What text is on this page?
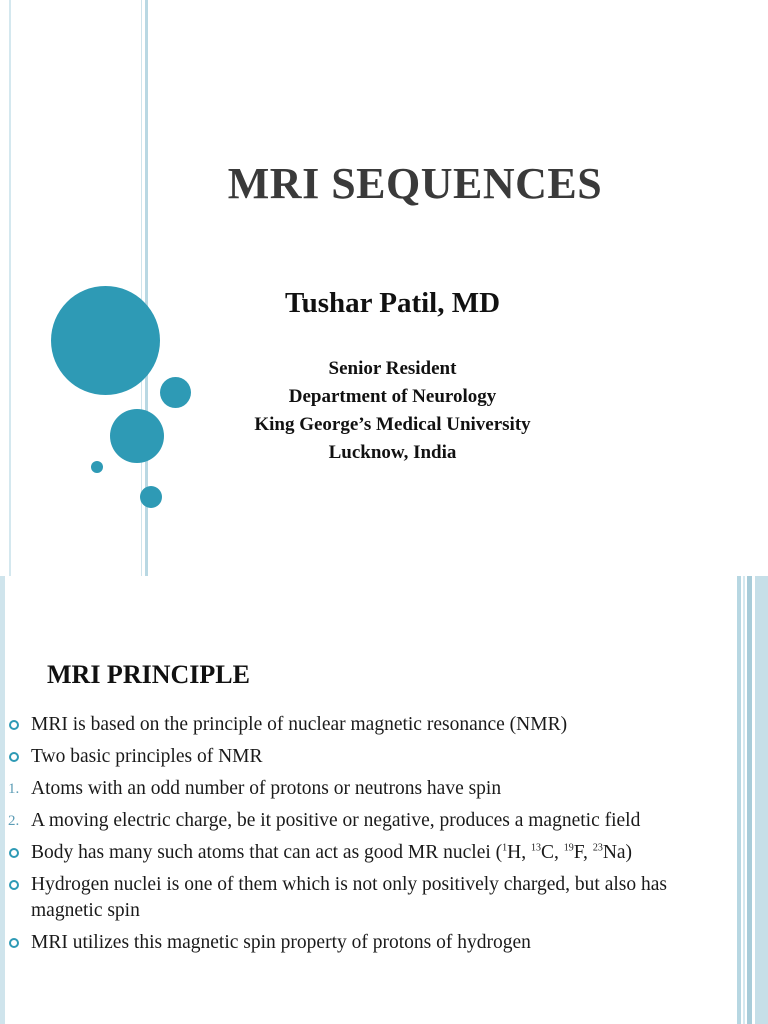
MRI SEQUENCES
Tushar Patil, MD
Senior Resident
Department of Neurology
King George’s Medical University
Lucknow, India
MRI PRINCIPLE
MRI is based on the principle of nuclear magnetic resonance (NMR)
Two basic principles of NMR
1. Atoms with an odd number of protons or neutrons have spin
2. A moving electric charge, be it positive or negative, produces a magnetic field
Body has many such atoms that can act as good MR nuclei ($^1$H, $^{13}$C, $^{19}$F, $^{23}$Na)
Hydrogen nuclei is one of them which is not only positively charged, but also has magnetic spin
MRI utilizes this magnetic spin property of protons of hydrogen
